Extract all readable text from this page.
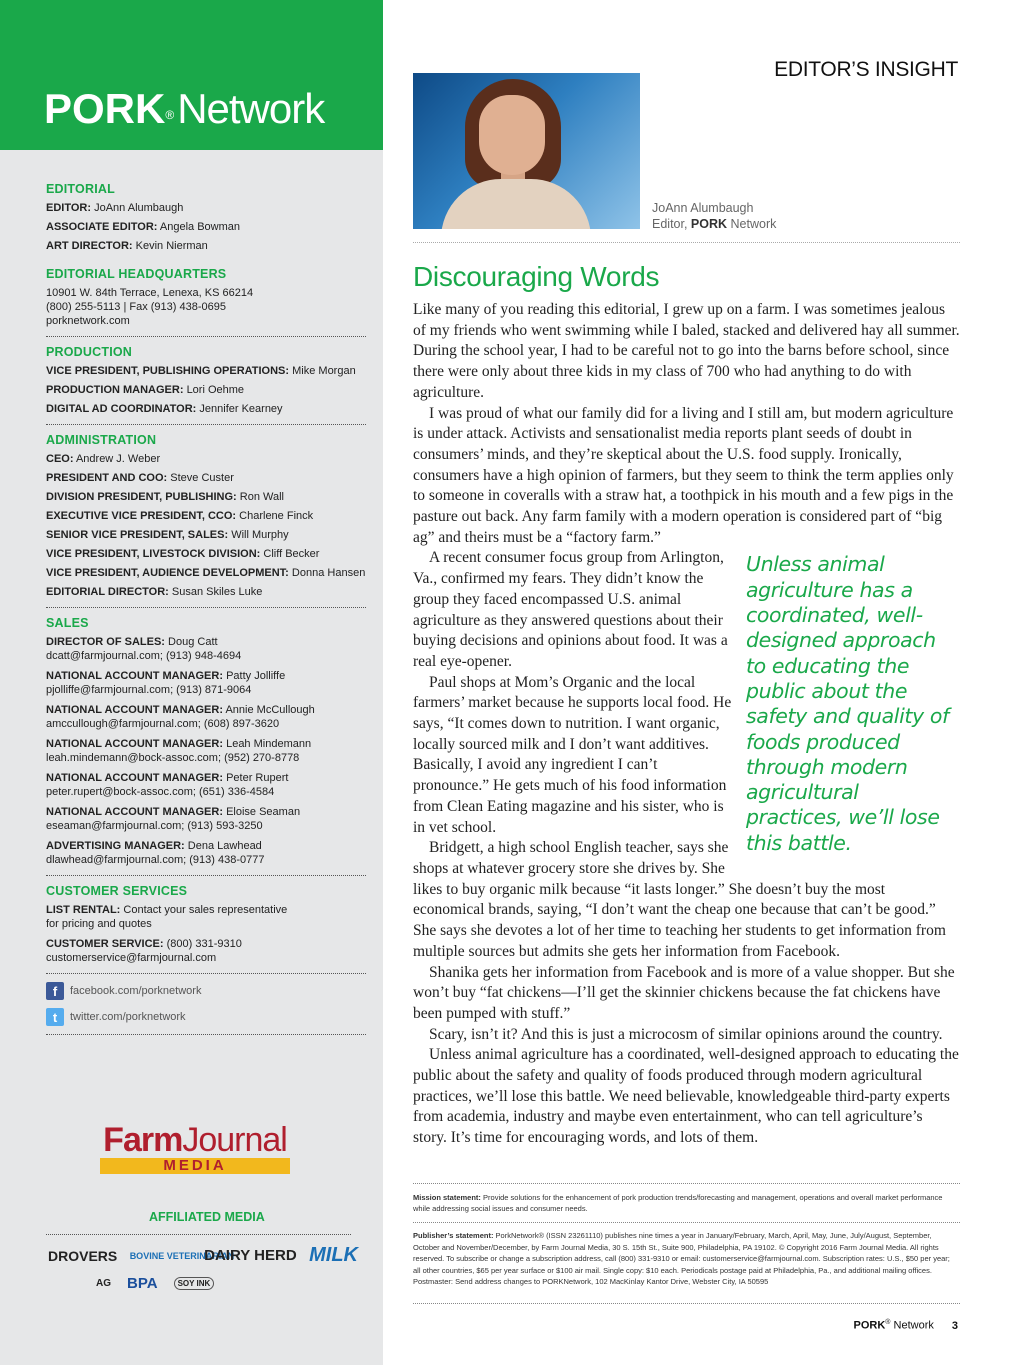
PORK®Network
EDITORIAL
EDITOR: JoAnn Alumbaugh
ASSOCIATE EDITOR: Angela Bowman
ART DIRECTOR: Kevin Nierman
EDITORIAL HEADQUARTERS
10901 W. 84th Terrace, Lenexa, KS 66214
(800) 255-5113 | Fax (913) 438-0695
porknetwork.com
PRODUCTION
VICE PRESIDENT, PUBLISHING OPERATIONS: Mike Morgan
PRODUCTION MANAGER: Lori Oehme
DIGITAL AD COORDINATOR: Jennifer Kearney
ADMINISTRATION
CEO: Andrew J. Weber
PRESIDENT AND COO: Steve Custer
DIVISION PRESIDENT, PUBLISHING: Ron Wall
EXECUTIVE VICE PRESIDENT, CCO: Charlene Finck
SENIOR VICE PRESIDENT, SALES: Will Murphy
VICE PRESIDENT, LIVESTOCK DIVISION: Cliff Becker
VICE PRESIDENT, AUDIENCE DEVELOPMENT: Donna Hansen
EDITORIAL DIRECTOR: Susan Skiles Luke
SALES
DIRECTOR OF SALES: Doug Catt
dcatt@farmjournal.com; (913) 948-4694
NATIONAL ACCOUNT MANAGER: Patty Jolliffe
pjolliffe@farmjournal.com; (913) 871-9064
NATIONAL ACCOUNT MANAGER: Annie McCullough
amccullough@farmjournal.com; (608) 897-3620
NATIONAL ACCOUNT MANAGER: Leah Mindemann
leah.mindemann@bock-assoc.com; (952) 270-8778
NATIONAL ACCOUNT MANAGER: Peter Rupert
peter.rupert@bock-assoc.com; (651) 336-4584
NATIONAL ACCOUNT MANAGER: Eloise Seaman
eseaman@farmjournal.com; (913) 593-3250
ADVERTISING MANAGER: Dena Lawhead
dlawhead@farmjournal.com; (913) 438-0777
CUSTOMER SERVICES
LIST RENTAL: Contact your sales representative
for pricing and quotes
CUSTOMER SERVICE: (800) 331-9310
customerservice@farmjournal.com
f	facebook.com/porknetwork
t	twitter.com/porknetwork
FarmJournal
MEDIA
AFFILIATED MEDIA
DROVERS BOVINE VETERINARIAN
DAIRY HERD MILK
AG BPA	SOY INK
EDITOR’S INSIGHT
JoAnn Alumbaugh
Editor, PORK Network
Discouraging Words

Like many of you reading this editorial, I grew up on a farm. I was sometimes jealous of my friends who went swimming while I baled, stacked and delivered hay all summer. During the school year, I had to be careful not to go into the barns before school, since there were only about three kids in my class of 700 who had anything to do with agriculture.

I was proud of what our family did for a living and I still am, but modern agriculture is under attack. Activists and sensationalist media reports plant seeds of doubt in consumers’ minds, and they’re skeptical about the U.S. food supply. Ironically, consumers have a high opinion of farmers, but they seem to think the term applies only to someone in coveralls with a straw hat, a toothpick in his mouth and a few pigs in the pasture out back. Any farm family with a modern operation is considered part of “big ag” and theirs must be a “factory farm.”

Unless animal agriculture has a coordinated, well-designed approach to educating the public about the safety and quality of foods produced through modern agricultural practices, we’ll lose this battle.

A recent consumer focus group from Arlington, Va., confirmed my fears. They didn’t know the group they faced encompassed U.S. animal agriculture as they answered questions about their buying decisions and opinions about food. It was a real eye-opener.

Paul shops at Mom’s Organic and the local farmers’ market because he supports local food. He says, “It comes down to nutrition. I want organic, locally sourced milk and I don’t want additives. Basically, I avoid any ingredient I can’t pronounce.” He gets much of his food information from Clean Eating magazine and his sister, who is in vet school.

Bridgett, a high school English teacher, says she shops at whatever grocery store she drives by. She likes to buy organic milk because “it lasts longer.” She doesn’t buy the most economical brands, saying, “I don’t want the cheap one because that can’t be good.” She says she devotes a lot of her time to teaching her students to get information from multiple sources but admits she gets her information from Facebook.

Shanika gets her information from Facebook and is more of a value shopper. But she won’t buy “fat chickens—I’ll get the skinnier chickens because the fat chickens have been pumped with stuff.”

Scary, isn’t it? And this is just a microcosm of similar opinions around the country.

Unless animal agriculture has a coordinated, well-designed approach to educating the public about the safety and quality of foods produced through modern agricultural practices, we’ll lose this battle. We need believable, knowledgeable third-party experts from academia, industry and maybe even entertainment, who can tell agriculture’s story. It’s time for encouraging words, and lots of them.

Mission statement: Provide solutions for the enhancement of pork production trends/forecasting and management, operations and overall market performance while addressing social issues and consumer needs.
Publisher’s statement: PorkNetwork® (ISSN 23261110) publishes nine times a year in January/February, March, April, May, June, July/August, September, October and November/December, by Farm Journal Media, 30 S. 15th St., Suite 900, Philadelphia, PA 19102. © Copyright 2016 Farm Journal Media. All rights reserved. To subscribe or change a subscription address, call (800) 331-9310 or email: customerservice@farmjournal.com. Subscription rates: U.S., $50 per year; all other countries, $65 per year surface or $100 air mail. Single copy: $10 each. Periodicals postage paid at Philadelphia, Pa., and additional mailing offices.
Postmaster: Send address changes to PORKNetwork, 102 MacKinlay Kantor Drive, Webster City, IA 50595
PORK® Network 3
